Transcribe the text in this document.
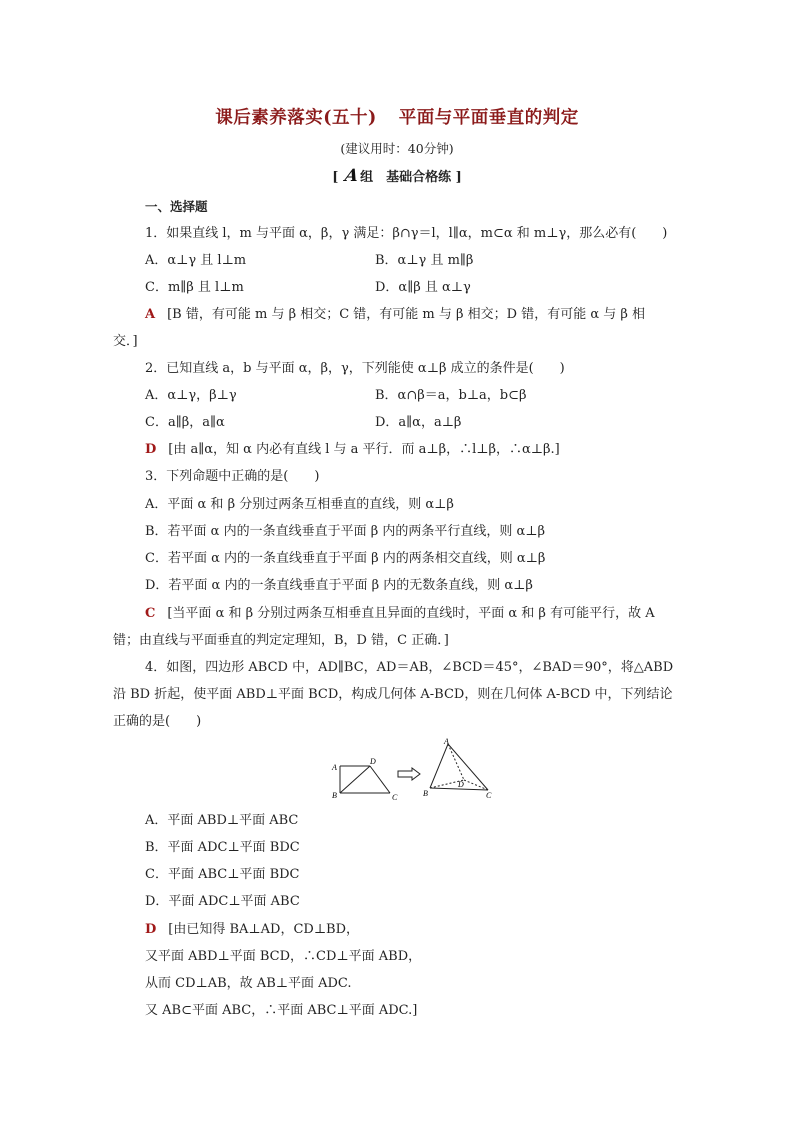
课后素养落实(五十) 平面与平面垂直的判定
(建议用时：40分钟)
[ A组　基础合格练 ]
一、选择题
1．如果直线 l，m 与平面 α，β，γ 满足：β∩γ＝l，l∥α，m⊂α 和 m⊥γ，那么必有(　　)
A．α⊥γ 且 l⊥m	B．α⊥γ 且 m∥β
C．m∥β 且 l⊥m	D．α∥β 且 α⊥γ
A [B 错，有可能 m 与 β 相交；C 错，有可能 m 与 β 相交；D 错，有可能 α 与 β 相
交．]
2．已知直线 a，b 与平面 α，β，γ，下列能使 α⊥β 成立的条件是(　　)
A．α⊥γ，β⊥γ	B．α∩β＝a，b⊥a，b⊂β
C．a∥β，a∥α	D．a∥α，a⊥β
D [由 a∥α，知 α 内必有直线 l 与 a 平行．而 a⊥β，∴l⊥β，∴α⊥β.]
3．下列命题中正确的是(　　)
A．平面 α 和 β 分别过两条互相垂直的直线，则 α⊥β
B．若平面 α 内的一条直线垂直于平面 β 内的两条平行直线，则 α⊥β
C．若平面 α 内的一条直线垂直于平面 β 内的两条相交直线，则 α⊥β
D．若平面 α 内的一条直线垂直于平面 β 内的无数条直线，则 α⊥β
C [当平面 α 和 β 分别过两条互相垂直且异面的直线时，平面 α 和 β 有可能平行，故 A
错；由直线与平面垂直的判定定理知，B，D 错，C 正确．]
4．如图，四边形 ABCD 中，AD∥BC，AD＝AB，∠BCD＝45°，∠BAD＝90°，将△ABD
沿 BD 折起，使平面 ABD⊥平面 BCD，构成几何体 A-BCD，则在几何体 A-BCD 中，下列结论
正确的是(　　)
A
B	C
D
A
B	C
D
A．平面 ABD⊥平面 ABC
B．平面 ADC⊥平面 BDC
C．平面 ABC⊥平面 BDC
D．平面 ADC⊥平面 ABC
D [由已知得 BA⊥AD，CD⊥BD，
又平面 ABD⊥平面 BCD，∴CD⊥平面 ABD，
从而 CD⊥AB，故 AB⊥平面 ADC.
又 AB⊂平面 ABC，∴平面 ABC⊥平面 ADC.]
